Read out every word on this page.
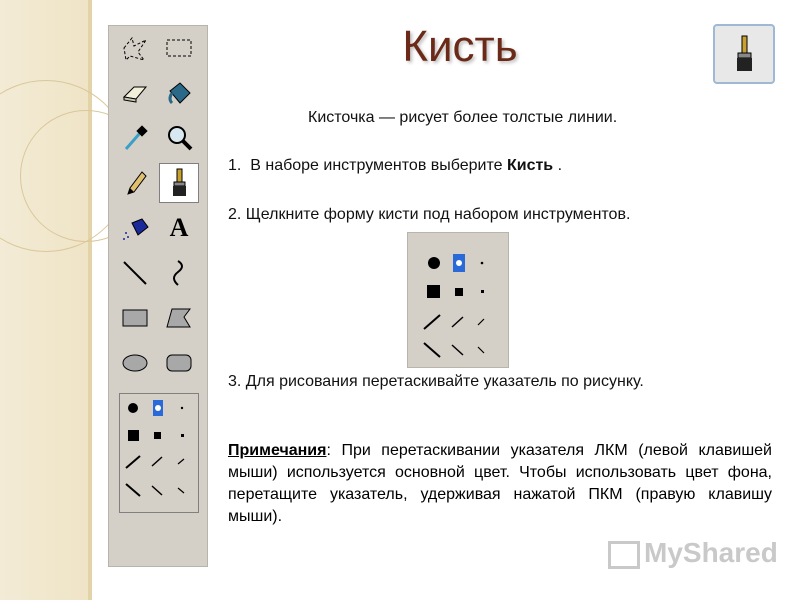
A
Кисть
Кисточка — рисует более толстые линии.
1.  В наборе инструментов выберите Кисть .
2. Щелкните форму кисти под набором инструментов.
3. Для рисования перетаскивайте указатель по рисунку.
Примечания: При перетаскивании указателя ЛКМ (левой клавишей мыши) используется основной цвет. Чтобы использовать цвет фона, перетащите указатель, удерживая нажатой ПКМ (правую клавишу мыши).
MyShared
